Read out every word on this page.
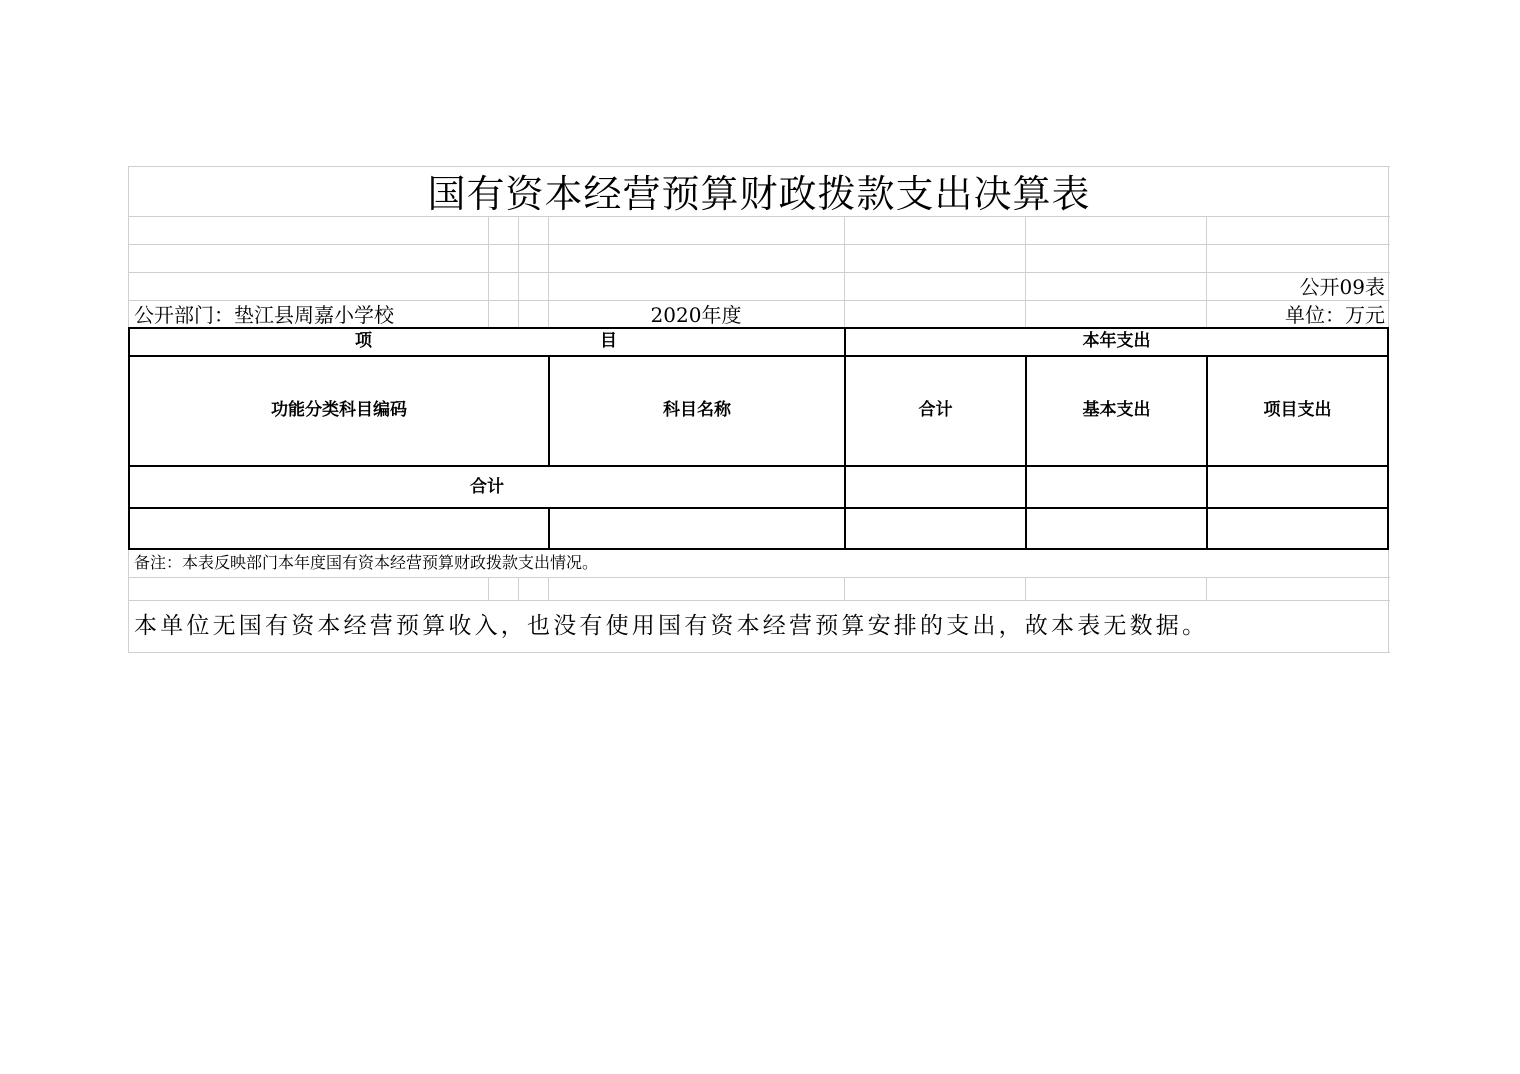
国有资本经营预算财政拨款支出决算表
公开09表
公开部门：垫江县周嘉小学校	2020年度	单位：万元
项	目	本年支出
功能分类科目编码	科目名称	合计	基本支出	项目支出
合计
备注：本表反映部门本年度国有资本经营预算财政拨款支出情况。
本单位无国有资本经营预算收入，也没有使用国有资本经营预算安排的支出，故本表无数据。
